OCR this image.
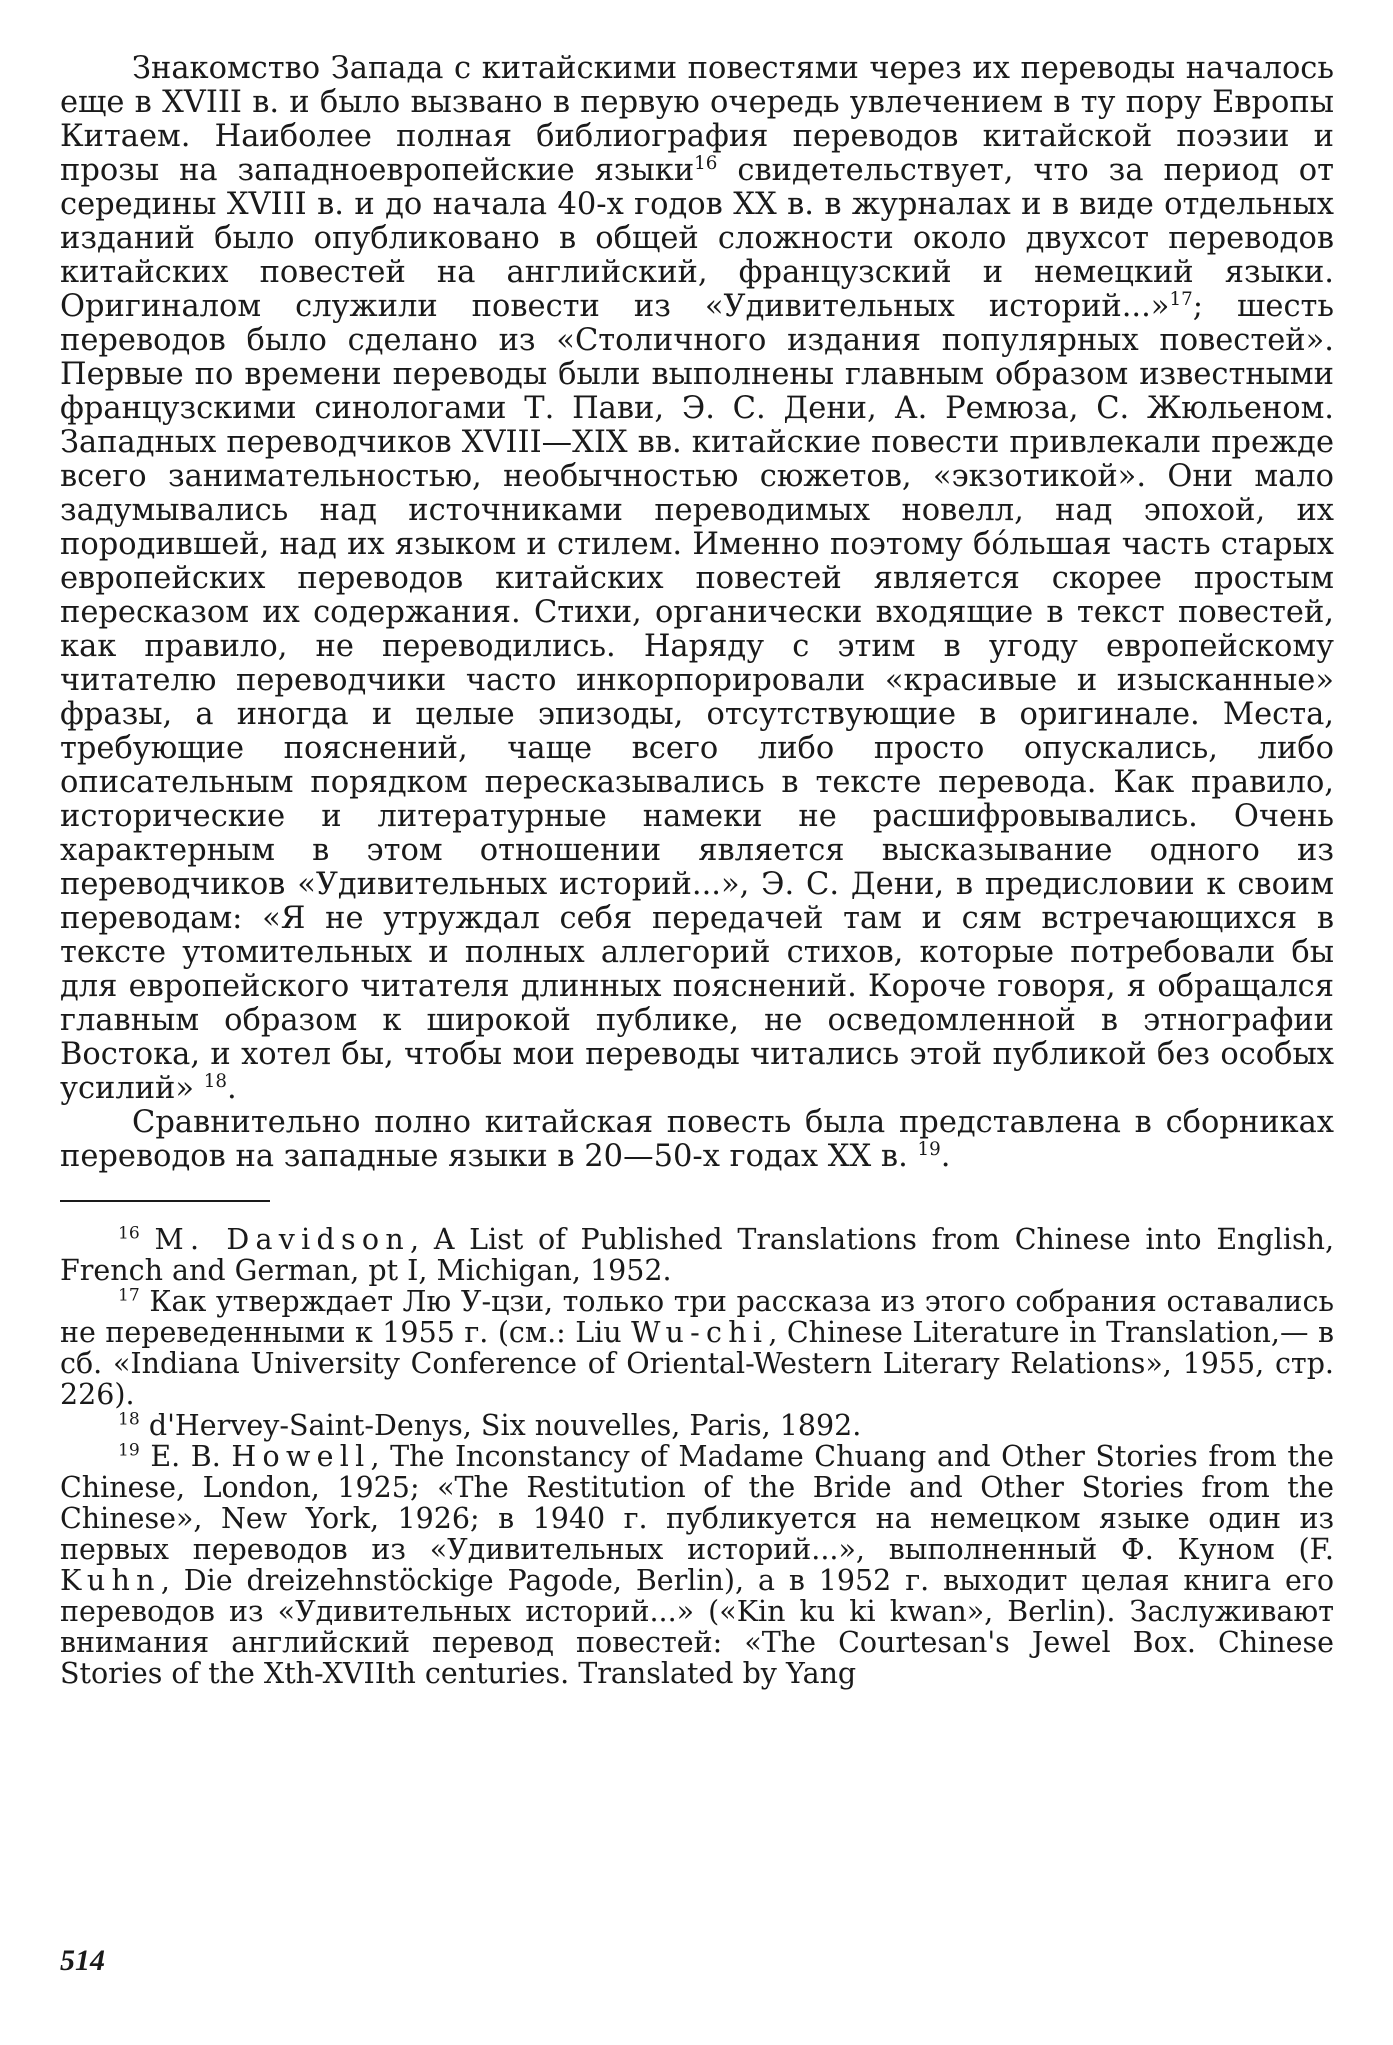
Знакомство Запада с китайскими повестями через их переводы началось еще в XVIII в. и было вызвано в первую очередь увлечением в ту пору Европы Китаем. Наиболее полная библиография переводов китайской поэзии и прозы на западноевропейские языки$^{16}$ свидетельствует, что за период от середины XVIII в. и до начала 40-х годов XX в. в журналах и в виде отдельных изданий было опубликовано в общей сложности около двухсот переводов китайских повестей на английский, французский и немецкий языки. Оригиналом служили повести из «Удивительных историй...»$^{17}$; шесть переводов было сделано из «Столичного издания популярных повестей». Первые по времени переводы были выполнены главным образом известными французскими синологами Т. Пави, Э. С. Дени, А. Ремюза, С. Жюльеном. Западных переводчиков XVIII—XIX вв. китайские повести привлекали прежде всего занимательностью, необычностью сюжетов, «экзотикой». Они мало задумывались над источниками переводимых новелл, над эпохой, их породившей, над их языком и стилем. Именно поэтому бо́льшая часть старых европейских переводов китайских повестей является скорее простым пересказом их содержания. Стихи, органически входящие в текст повестей, как правило, не переводились. Наряду с этим в угоду европейскому читателю переводчики часто инкорпорировали «красивые и изысканные» фразы, а иногда и целые эпизоды, отсутствующие в оригинале. Места, требующие пояснений, чаще всего либо просто опускались, либо описательным порядком пересказывались в тексте перевода. Как правило, исторические и литературные намеки не расшифровывались. Очень характерным в этом отношении является высказывание одного из переводчиков «Удивительных историй...», Э. С. Дени, в предисловии к своим переводам: «Я не утруждал себя передачей там и сям встречающихся в тексте утомительных и полных аллегорий стихов, которые потребовали бы для европейского читателя длинных пояснений. Короче говоря, я обращался главным образом к широкой публике, не осведомленной в этнографии Востока, и хотел бы, чтобы мои переводы читались этой публикой без особых усилий» $^{18}$.

Сравнительно полно китайская повесть была представлена в сборниках переводов на западные языки в 20—50-х годах XX в. $^{19}$.

$^{16}$ M. Davidson, A List of Published Translations from Chinese into English, French and German, pt I, Michigan, 1952.

$^{17}$ Как утверждает Лю У-цзи, только три рассказа из этого собрания оставались не переведенными к 1955 г. (см.: Liu Wu-chi, Chinese Literature in Translation,— в сб. «Indiana University Conference of Oriental-Western Literary Relations», 1955, стр. 226).

$^{18}$ d'Hervey-Saint-Denys, Six nouvelles, Paris, 1892.

$^{19}$ E. B. Howell, The Inconstancy of Madame Chuang and Other Stories from the Chinese, London, 1925; «The Restitution of the Bride and Other Stories from the Chinese», New York, 1926; в 1940 г. публикуется на немецком языке один из первых переводов из «Удивительных историй...», выполненный Ф. Куном (F. Kuhn, Die dreizehnstöckige Pagode, Berlin), а в 1952 г. выходит целая книга его переводов из «Удивительных историй...» («Kin ku ki kwan», Berlin). Заслуживают внимания английский перевод повестей: «The Courtesan's Jewel Box. Chinese Stories of the Xth-XVIIth centuries. Translated by Yang

514
